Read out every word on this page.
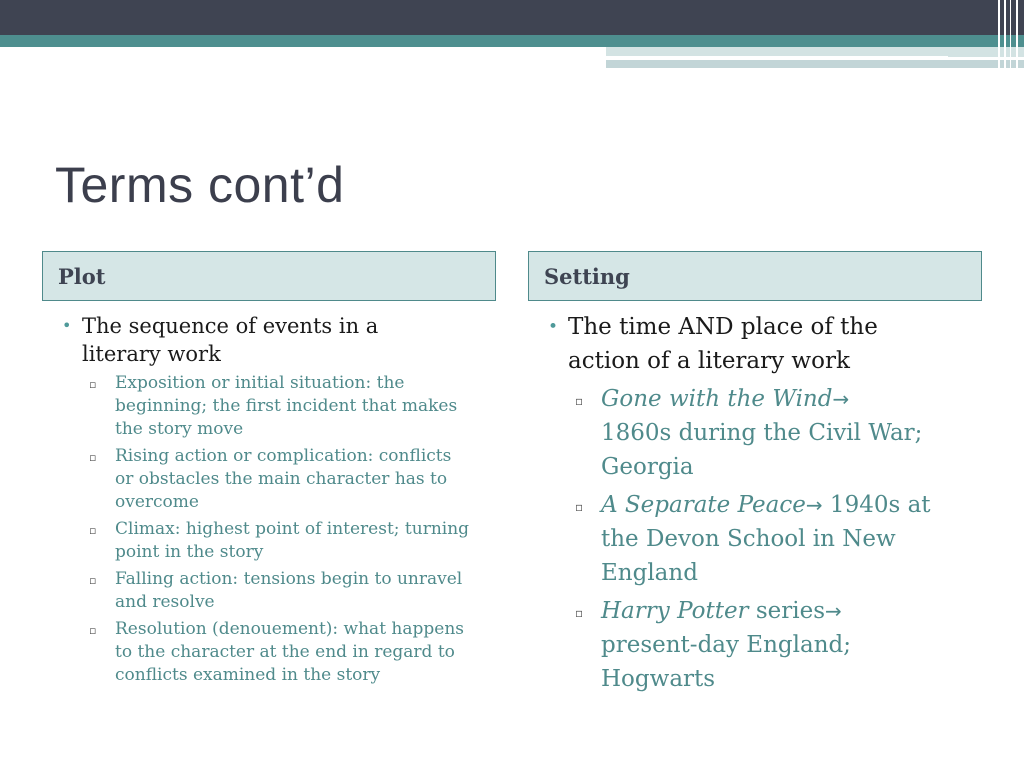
Terms cont’d
Plot	Setting
• The sequence of events in a literary work
▫ Exposition or initial situation: the beginning; the first incident that makes the story move
▫ Rising action or complication: conflicts or obstacles the main character has to overcome
▫ Climax: highest point of interest; turning point in the story
▫ Falling action: tensions begin to unravel and resolve
▫ Resolution (denouement): what happens to the character at the end in regard to conflicts examined in the story
• The time AND place of the action of a literary work
▫ Gone with the Wind→
1860s during the Civil War; Georgia
▫ A Separate Peace→ 1940s at the Devon School in New England
▫ Harry Potter series→
present-day England; Hogwarts
